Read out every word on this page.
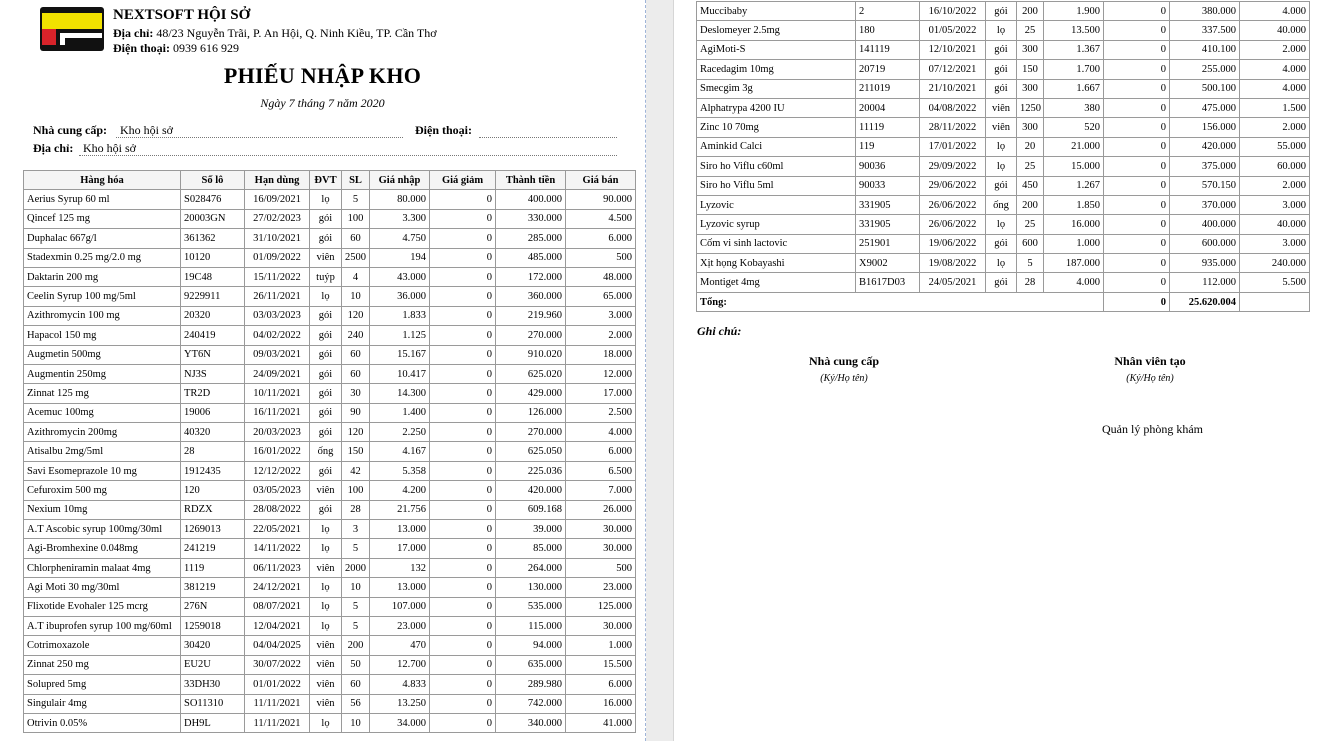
NEXTSOFT HỘI SỞ
Địa chỉ: 48/23 Nguyễn Trãi, P. An Hội, Q. Ninh Kiều, TP. Cần Thơ
Điện thoại: 0939 616 929
PHIẾU NHẬP KHO
Ngày 7 tháng 7 năm 2020
Nhà cung cấp:	Kho hội sở	Điện thoại:
Địa chỉ: Kho hội sở
Hàng hóa	Số lô	Hạn dùng	ĐVT	SL	Giá nhập	Giá giảm	Thành tiền	Giá bán
Aerius Syrup 60 ml	S028476	16/09/2021	lọ	5	80.000	0	400.000	90.000
Qincef 125 mg	20003GN	27/02/2023	gói	100	3.300	0	330.000	4.500
Duphalac 667g/l	361362	31/10/2021	gói	60	4.750	0	285.000	6.000
Stadexmin 0.25 mg/2.0 mg	10120	01/09/2022	viên	2500	194	0	485.000	500
Daktarin 200 mg	19C48	15/11/2022	tuýp	4	43.000	0	172.000	48.000
Ceelin Syrup 100 mg/5ml	9229911	26/11/2021	lọ	10	36.000	0	360.000	65.000
Azithromycin 100 mg	20320	03/03/2023	gói	120	1.833	0	219.960	3.000
Hapacol 150 mg	240419	04/02/2022	gói	240	1.125	0	270.000	2.000
Augmetin 500mg	YT6N	09/03/2021	gói	60	15.167	0	910.020	18.000
Augmentin 250mg	NJ3S	24/09/2021	gói	60	10.417	0	625.020	12.000
Zinnat 125 mg	TR2D	10/11/2021	gói	30	14.300	0	429.000	17.000
Acemuc 100mg	19006	16/11/2021	gói	90	1.400	0	126.000	2.500
Azithromycin 200mg	40320	20/03/2023	gói	120	2.250	0	270.000	4.000
Atisalbu 2mg/5ml	28	16/01/2022	ống	150	4.167	0	625.050	6.000
Savi Esomeprazole 10 mg	1912435	12/12/2022	gói	42	5.358	0	225.036	6.500
Cefuroxim 500 mg	120	03/05/2023	viên	100	4.200	0	420.000	7.000
Nexium 10mg	RDZX	28/08/2022	gói	28	21.756	0	609.168	26.000
A.T Ascobic syrup 100mg/30ml	1269013	22/05/2021	lọ	3	13.000	0	39.000	30.000
Agi-Bromhexine 0.048mg	241219	14/11/2022	lọ	5	17.000	0	85.000	30.000
Chlorpheniramin malaat 4mg	1119	06/11/2023	viên	2000	132	0	264.000	500
Agi Moti 30 mg/30ml	381219	24/12/2021	lọ	10	13.000	0	130.000	23.000
Flixotide Evohaler 125 mcrg	276N	08/07/2021	lọ	5	107.000	0	535.000	125.000
A.T ibuprofen syrup 100 mg/60ml	1259018	12/04/2021	lọ	5	23.000	0	115.000	30.000
Cotrimoxazole	30420	04/04/2025	viên	200	470	0	94.000	1.000
Zinnat 250 mg	EU2U	30/07/2022	viên	50	12.700	0	635.000	15.500
Solupred 5mg	33DH30	01/01/2022	viên	60	4.833	0	289.980	6.000
Singulair 4mg	SO11310	11/11/2021	viên	56	13.250	0	742.000	16.000
Otrivin 0.05%	DH9L	11/11/2021	lọ	10	34.000	0	340.000	41.000
Muccibaby	2	16/10/2022	gói	200	1.900	0	380.000	4.000
Deslomeyer 2.5mg	180	01/05/2022	lọ	25	13.500	0	337.500	40.000
AgiMoti-S	141119	12/10/2021	gói	300	1.367	0	410.100	2.000
Racedagim 10mg	20719	07/12/2021	gói	150	1.700	0	255.000	4.000
Smecgim 3g	211019	21/10/2021	gói	300	1.667	0	500.100	4.000
Alphatrypa 4200 IU	20004	04/08/2022	viên	1250	380	0	475.000	1.500
Zinc 10 70mg	11119	28/11/2022	viên	300	520	0	156.000	2.000
Aminkid Calci	119	17/01/2022	lọ	20	21.000	0	420.000	55.000
Siro ho Viflu c60ml	90036	29/09/2022	lọ	25	15.000	0	375.000	60.000
Siro ho Viflu 5ml	90033	29/06/2022	gói	450	1.267	0	570.150	2.000
Lyzovic	331905	26/06/2022	ống	200	1.850	0	370.000	3.000
Lyzovic syrup	331905	26/06/2022	lọ	25	16.000	0	400.000	40.000
Cốm vi sinh lactovic	251901	19/06/2022	gói	600	1.000	0	600.000	3.000
Xịt họng Kobayashi	X9002	19/08/2022	lọ	5	187.000	0	935.000	240.000
Montiget 4mg	B1617D03	24/05/2021	gói	28	4.000	0	112.000	5.500
Tổng:						0	25.620.004	
Ghi chú:
Nhà cung cấp
(Ký/Họ tên)
Nhân viên tạo
(Ký/Họ tên)
Quản lý phòng khám
